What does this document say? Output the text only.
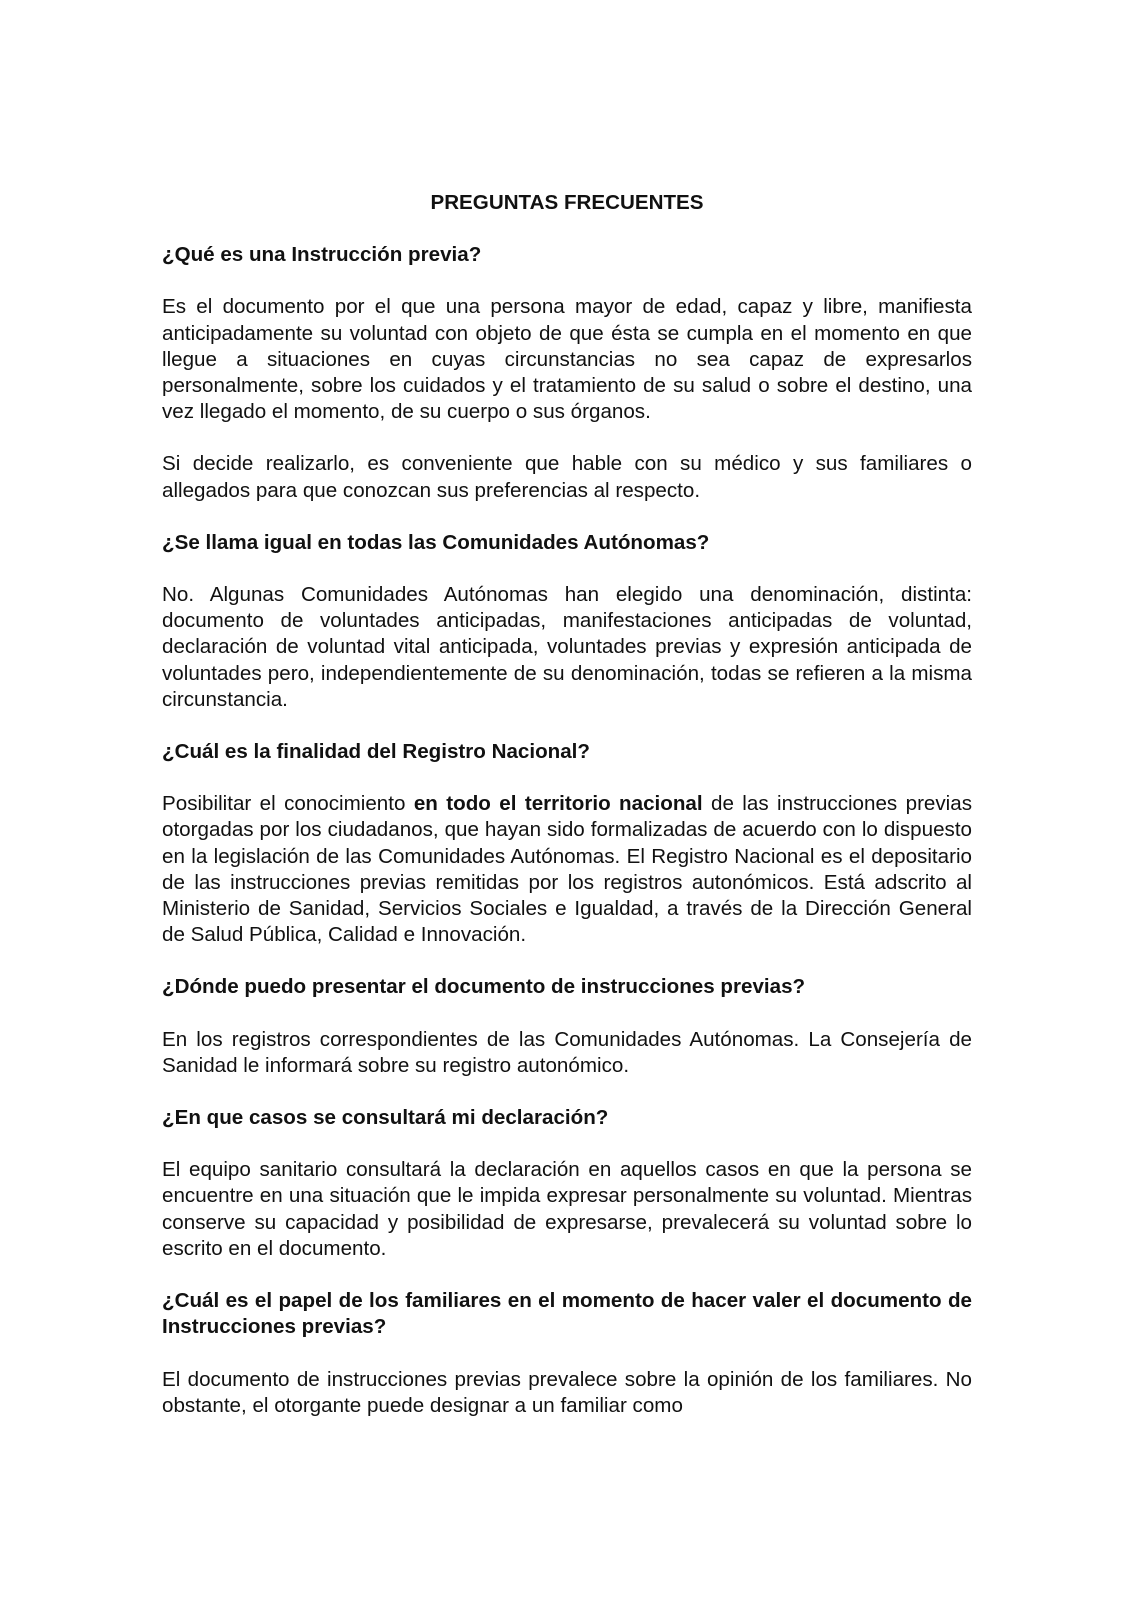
PREGUNTAS FRECUENTES
¿Qué es una Instrucción previa?
Es el documento por el que una persona mayor de edad, capaz y libre, manifiesta anticipadamente su voluntad con objeto de que ésta se cumpla en el momento en que llegue a situaciones en cuyas circunstancias no sea capaz de expresarlos personalmente, sobre los cuidados y el tratamiento de su salud o sobre el destino, una vez llegado el momento, de su cuerpo o sus órganos.
Si decide realizarlo, es conveniente que hable con su médico y sus familiares o allegados para que conozcan sus preferencias al respecto.
¿Se llama igual en todas las Comunidades Autónomas?
No. Algunas Comunidades Autónomas han elegido una denominación, distinta: documento de voluntades anticipadas, manifestaciones anticipadas de voluntad, declaración de voluntad vital anticipada, voluntades previas y expresión anticipada de voluntades pero, independientemente de su denominación, todas se refieren a la misma circunstancia.
¿Cuál es la finalidad del Registro Nacional?
Posibilitar el conocimiento en todo el territorio nacional de las instrucciones previas otorgadas por los ciudadanos, que hayan sido formalizadas de acuerdo con lo dispuesto en la legislación de las Comunidades Autónomas. El Registro Nacional es el depositario de las instrucciones previas remitidas por los registros autonómicos. Está adscrito al Ministerio de Sanidad, Servicios Sociales e Igualdad, a través de la Dirección General de Salud Pública, Calidad e Innovación.
¿Dónde puedo presentar el documento de instrucciones previas?
En los registros correspondientes de las Comunidades Autónomas. La Consejería de Sanidad le informará sobre su registro autonómico.
¿En que casos se consultará mi declaración?
El equipo sanitario consultará la declaración en aquellos casos en que la persona se encuentre en una situación que le impida expresar personalmente su voluntad. Mientras conserve su capacidad y posibilidad de expresarse, prevalecerá su voluntad sobre lo escrito en el documento.
¿Cuál es el papel de los familiares en el momento de hacer valer el documento de Instrucciones previas?
El documento de instrucciones previas prevalece sobre la opinión de los familiares. No obstante, el otorgante puede designar a un familiar como
